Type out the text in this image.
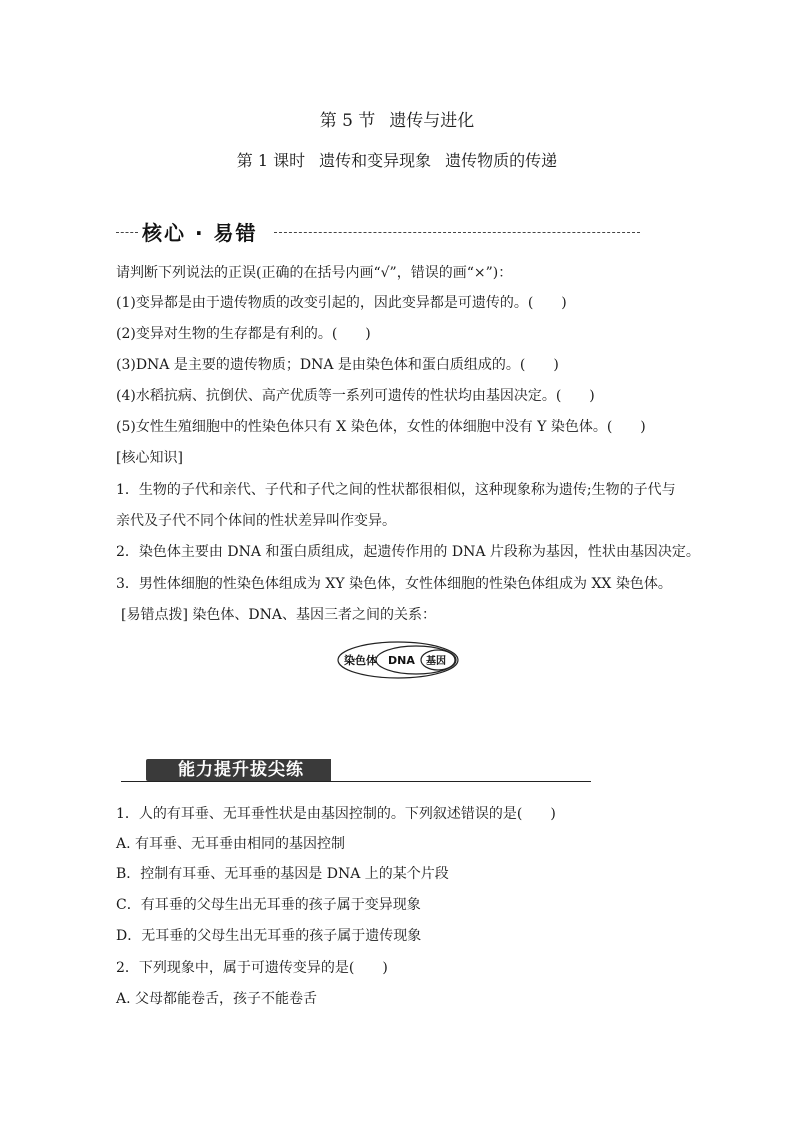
第 5 节 遗传与进化
第 1 课时 遗传和变异现象 遗传物质的传递
核心 · 易错
请判断下列说法的正误(正确的在括号内画“√”，错误的画“×”)：
(1)变异都是由于遗传物质的改变引起的，因此变异都是可遗传的。(　　)
(2)变异对生物的生存都是有利的。(　　)
(3)DNA 是主要的遗传物质；DNA 是由染色体和蛋白质组成的。(　　)
(4)水稻抗病、抗倒伏、高产优质等一系列可遗传的性状均由基因决定。(　　)
(5)女性生殖细胞中的性染色体只有 X 染色体，女性的体细胞中没有 Y 染色体。(　　)
[核心知识]
1．生物的子代和亲代、子代和子代之间的性状都很相似，这种现象称为遗传;生物的子代与
亲代及子代不同个体间的性状差异叫作变异。
2．染色体主要由 DNA 和蛋白质组成，起遗传作用的 DNA 片段称为基因，性状由基因决定。
3．男性体细胞的性染色体组成为 XY 染色体，女性体细胞的性染色体组成为 XX 染色体。
[易错点拨] 染色体、DNA、基因三者之间的关系：
染色体 DNA 基因
能力提升拔尖练
1．人的有耳垂、无耳垂性状是由基因控制的。下列叙述错误的是(　　)
A. 有耳垂、无耳垂由相同的基因控制
B．控制有耳垂、无耳垂的基因是 DNA 上的某个片段
C．有耳垂的父母生出无耳垂的孩子属于变异现象
D．无耳垂的父母生出无耳垂的孩子属于遗传现象
2．下列现象中，属于可遗传变异的是(　　)
A. 父母都能卷舌，孩子不能卷舌
